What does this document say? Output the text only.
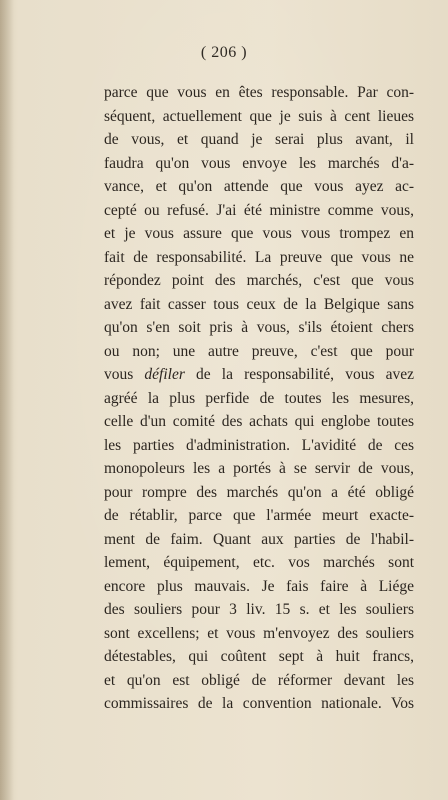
( 206 )
parce que vous en êtes responsable. Par con-
séquent, actuellement que je suis à cent lieues
de vous, et quand je serai plus avant, il
faudra qu'on vous envoye les marchés d'a-
vance, et qu'on attende que vous ayez ac-
cepté ou refusé. J'ai été ministre comme vous,
et je vous assure que vous vous trompez en
fait de responsabilité. La preuve que vous ne
répondez point des marchés, c'est que vous
avez fait casser tous ceux de la Belgique sans
qu'on s'en soit pris à vous, s'ils étoient chers
ou non; une autre preuve, c'est que pour
vous défiler de la responsabilité, vous avez
agréé la plus perfide de toutes les mesures,
celle d'un comité des achats qui englobe toutes
les parties d'administration. L'avidité de ces
monopoleurs les a portés à se servir de vous,
pour rompre des marchés qu'on a été obligé
de rétablir, parce que l'armée meurt exacte-
ment de faim. Quant aux parties de l'habil-
lement, équipement, etc. vos marchés sont
encore plus mauvais. Je fais faire à Liége
des souliers pour 3 liv. 15 s. et les souliers
sont excellens; et vous m'envoyez des souliers
détestables, qui coûtent sept à huit francs,
et qu'on est obligé de réformer devant les
commissaires de la convention nationale. Vos
